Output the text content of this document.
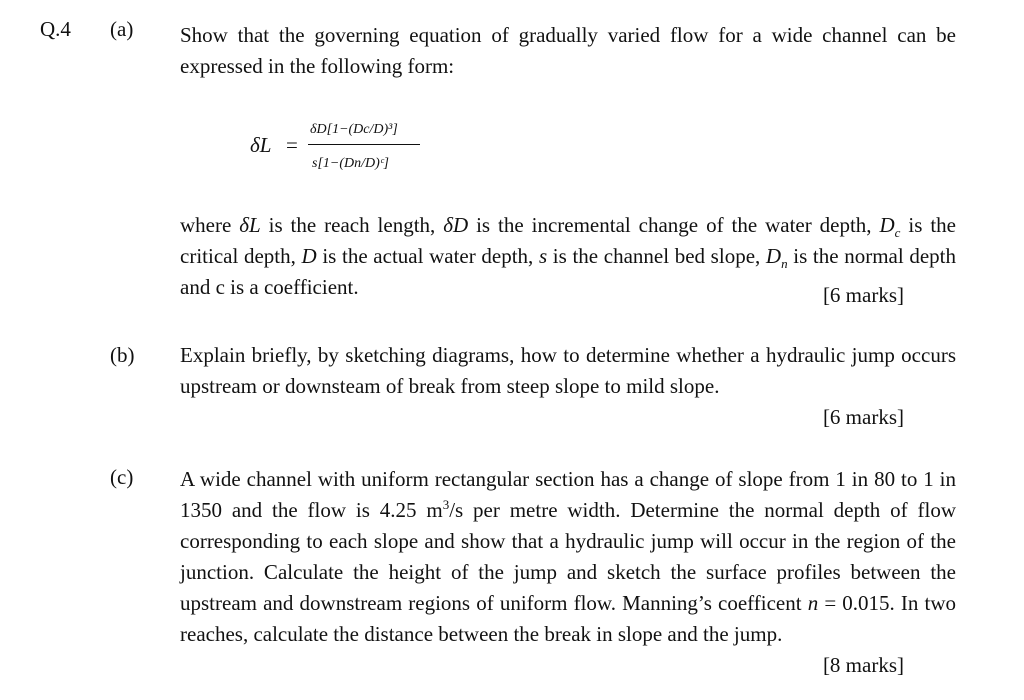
Q.4 (a) Show that the governing equation of gradually varied flow for a wide channel can be expressed in the following form:
δL =
δD[1−(Dc/D)³]
s[1−(Dn/D)ᶜ]
where δL is the reach length, δD is the incremental change of the water depth, $D_c$ is the critical depth, D is the actual water depth, s is the channel bed slope, $D_n$ is the normal depth and c is a coefficient.	[6 marks]
(b) Explain briefly, by sketching diagrams, how to determine whether a hydraulic jump occurs upstream or downsteam of break from steep slope to mild slope.
[6 marks]
(c) A wide channel with uniform rectangular section has a change of slope from 1 in 80 to 1 in 1350 and the flow is 4.25 $m^3/s$ per metre width. Determine the normal depth of flow corresponding to each slope and show that a hydraulic jump will occur in the region of the junction. Calculate the height of the jump and sketch the surface profiles between the upstream and downstream regions of uniform flow. Manning’s coefficent n = 0.015. In two reaches, calculate the distance between the break in slope and the jump.
[8 marks]
